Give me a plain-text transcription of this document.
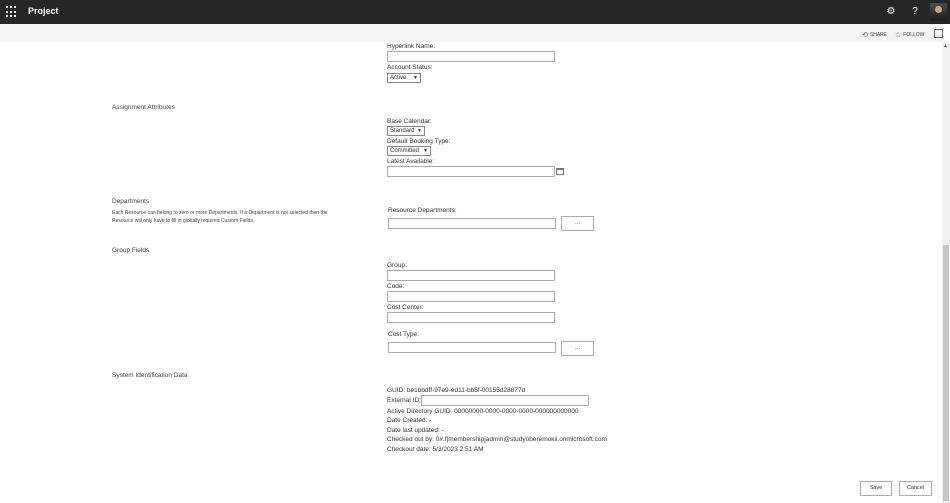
Project	⚙	?
⟲ SHARE ☆ FOLLOW
▲
Hyperlink Name:
Account Status:
Active ▼
Assignment Attributes
Base Calendar:
Standard ▼
Default Booking Type:
Committed ▼
Latest Available:
Departments
Each Resource can belong to zero or more Departments. If a Department is not selected then the Resource will only have to fill in globally required Custom Fields.
Resource Departments:
...
Group Fields
Group:
Code:
Cost Center:
Cost Type:
...
System Identification Data
GUID: be1bbdff-97e9-ed11-bb5f-00155d28877d
External ID:
Active Directory GUID: 00000000-0000-0000-0000-000000000000
Date Created: -
Date last updated: -
Checked out by: 0#.f|membership|admin@studyoberemokii.onmicrosoft.com
Checkout date: 5/3/2023 2:51 AM
Save	Cancel
